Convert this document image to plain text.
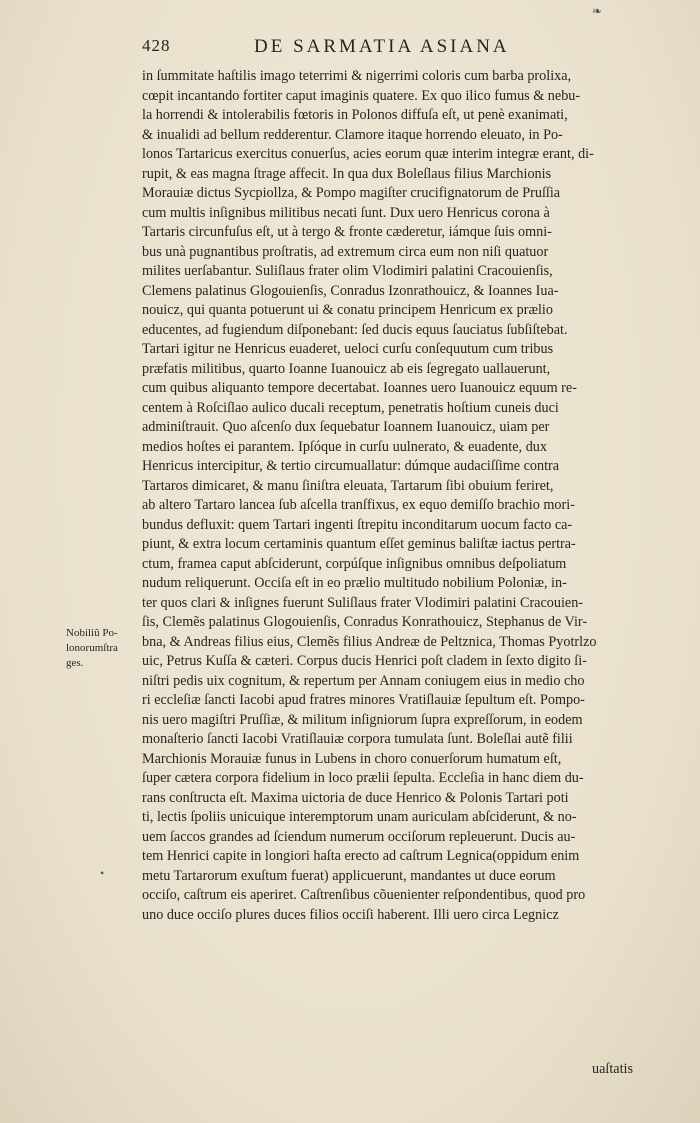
❧
428	DE SARMATIA ASIANA
Nobiliũ Po-
lonorumſtra
ges.
•
in ſummitate haſtilis imago teterrimi & nigerrimi coloris cum barba prolixa,
cœpit incantando fortiter caput imaginis quatere. Ex quo ilico fumus & nebu-
la horrendi & intolerabilis fœtoris in Polonos diffuſa eſt, ut penè exanimati,
& inualidi ad bellum redderentur. Clamore itaque horrendo eleuato, in Po-
lonos Tartaricus exercitus conuerſus, acies eorum quæ interim integræ erant, di-
rupit, & eas magna ſtrage affecit. In qua dux Boleſlaus filius Marchionis
Morauiæ dictus Sycpiollza, & Pompo magiſter crucifignatorum de Pruſſia
cum multis inſignibus militibus necati ſunt. Dux uero Henricus corona à
Tartaris circunfuſus eſt, ut à tergo & fronte cæderetur, iámque ſuis omni-
bus unà pugnantibus proſtratis, ad extremum circa eum non niſi quatuor
milites uerſabantur. Suliſlaus frater olim Vlodimiri palatini Cracouienſis,
Clemens palatinus Glogouienſis, Conradus Izonrathouicz, & Ioannes Iua-
nouicz, qui quanta potuerunt ui & conatu principem Henricum ex prælio
educentes, ad fugiendum diſponebant: ſed ducis equus ſauciatus ſubſiſtebat.
Tartari igitur ne Henricus euaderet, ueloci curſu conſequutum cum tribus
præfatis militibus, quarto Ioanne Iuanouicz ab eis ſegregato uallauerunt,
cum quibus aliquanto tempore decertabat. Ioannes uero Iuanouicz equum re-
centem à Roſciſlao aulico ducali receptum, penetratis hoſtium cuneis duci
adminiſtrauit. Quo aſcenſo dux ſequebatur Ioannem Iuanouicz, uiam per
medios hoſtes ei parantem. Ipſóque in curſu uulnerato, & euadente, dux
Henricus intercipitur, & tertio circumuallatur: dúmque audaciſſime contra
Tartaros dimicaret, & manu ſiniſtra eleuata, Tartarum ſibi obuium feriret,
ab altero Tartaro lancea ſub aſcella tranſfixus, ex equo demiſſo brachio mori-
bundus defluxit: quem Tartari ingenti ſtrepitu inconditarum uocum facto ca-
piunt, & extra locum certaminis quantum eſſet geminus baliſtæ iactus pertra-
ctum, framea caput abſciderunt, corpúſque inſignibus omnibus deſpoliatum
nudum reliquerunt. Occiſa eſt in eo prælio multitudo nobilium Poloniæ, in-
ter quos clari & inſignes fuerunt Suliſlaus frater Vlodimiri palatini Cracouien-
ſis, Clemẽs palatinus Glogouienſis, Conradus Konrathouicz, Stephanus de Vir-
bna, & Andreas filius eius, Clemẽs filius Andreæ de Peltznica, Thomas Pyotrlzo
uic, Petrus Kuſſa & cæteri. Corpus ducis Henrici poſt cladem in ſexto digito ſi-
niſtri pedis uix cognitum, & repertum per Annam coniugem eius in medio cho
ri eccleſiæ ſancti Iacobi apud fratres minores Vratiſlauiæ ſepultum eſt. Pompo-
nis uero magiſtri Pruſſiæ, & militum inſigniorum ſupra expreſſorum, in eodem
monaſterio ſancti Iacobi Vratiſlauiæ corpora tumulata ſunt. Boleſlai autẽ filii
Marchionis Morauiæ funus in Lubens in choro conuerſorum humatum eſt,
ſuper cætera corpora fidelium in loco prælii ſepulta. Eccleſia in hanc diem du-
rans conſtructa eſt. Maxima uictoria de duce Henrico & Polonis Tartari poti
ti, lectis ſpoliis unicuique interemptorum unam auriculam abſciderunt, & no-
uem ſaccos grandes ad ſciendum numerum occiſorum repleuerunt. Ducis au-
tem Henrici capite in longiori haſta erecto ad caſtrum Legnica(oppidum enim
metu Tartarorum exuſtum fuerat) applicuerunt, mandantes ut duce eorum
occiſo, caſtrum eis aperiret. Caſtrenſibus cõuenienter reſpondentibus, quod pro
uno duce occiſo plures duces filios occiſi haberent. Illi uero circa Legnicz
uaſtatis
